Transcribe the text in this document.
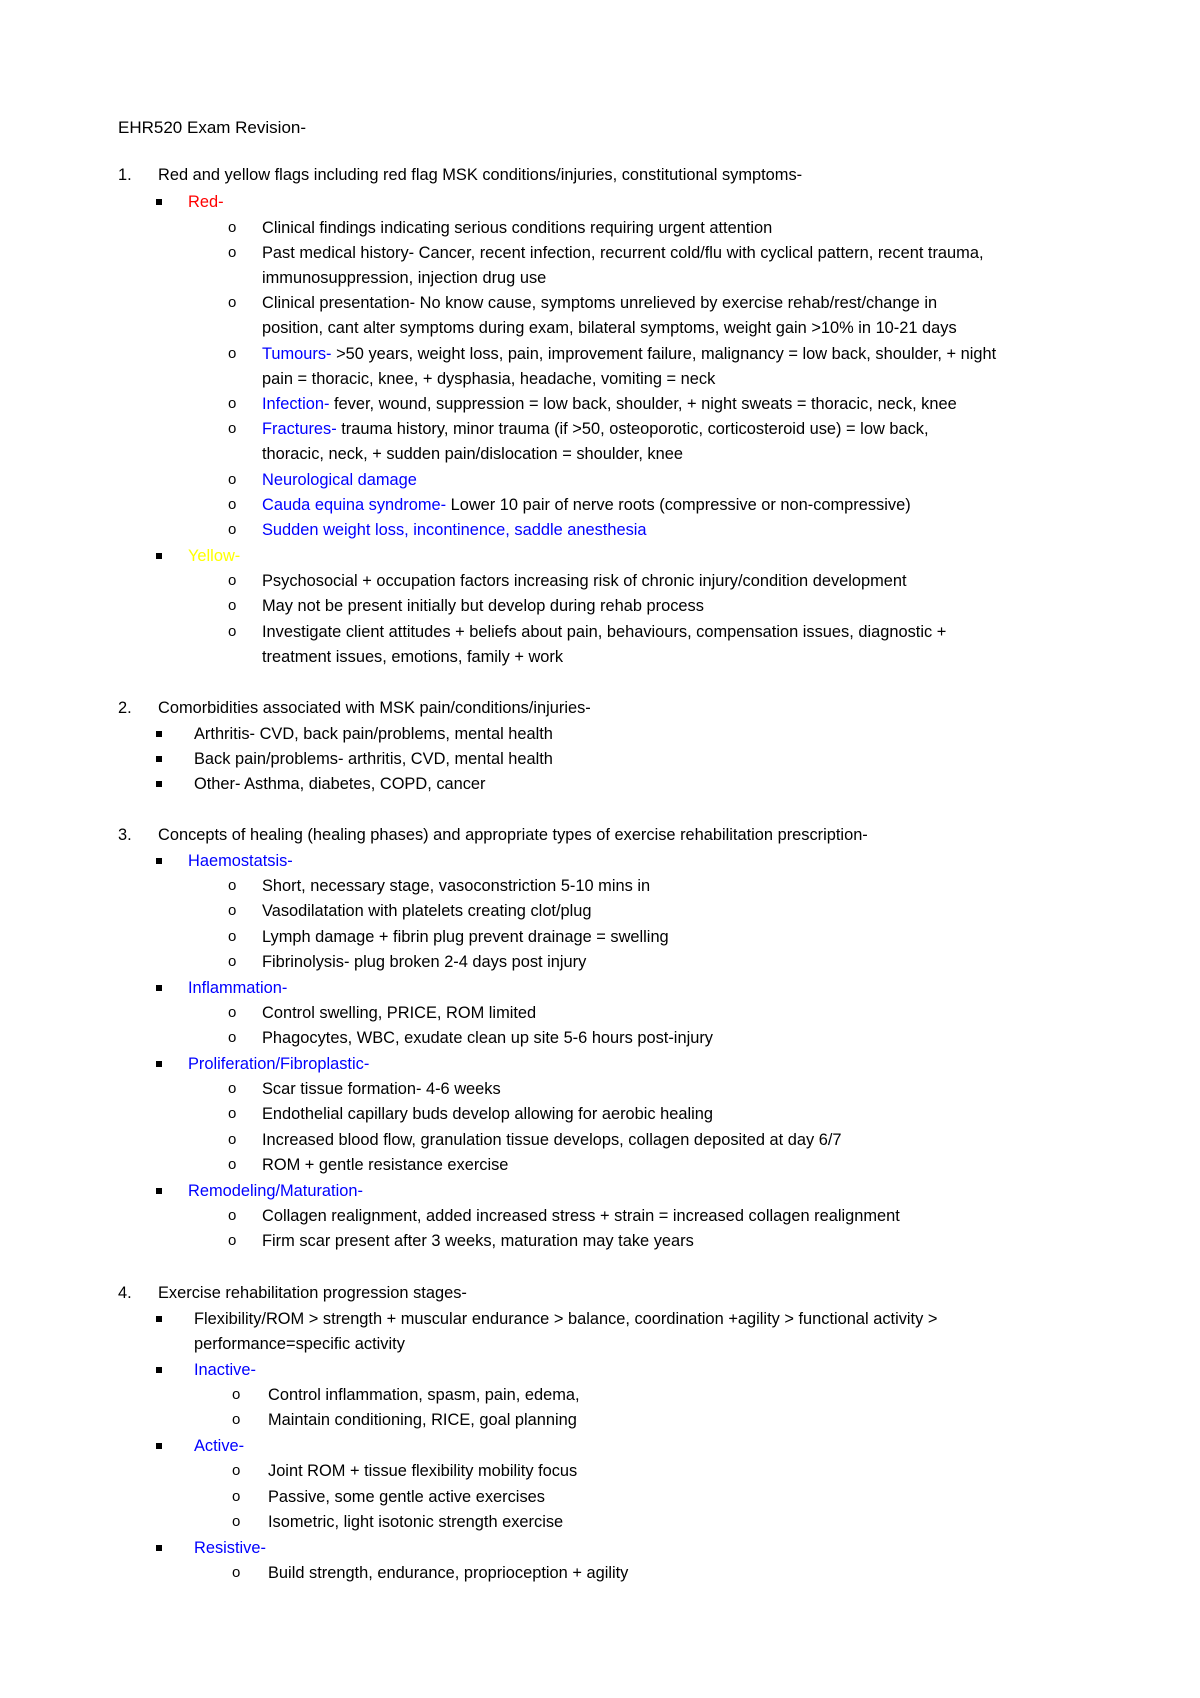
EHR520 Exam Revision-
1. Red and yellow flags including red flag MSK conditions/injuries, constitutional symptoms-
Red-
o Clinical findings indicating serious conditions requiring urgent attention
o Past medical history- Cancer, recent infection, recurrent cold/flu with cyclical pattern, recent trauma,
immunosuppression, injection drug use
o Clinical presentation- No know cause, symptoms unrelieved by exercise rehab/rest/change in
position, cant alter symptoms during exam, bilateral symptoms, weight gain >10% in 10-21 days
o Tumours- >50 years, weight loss, pain, improvement failure, malignancy = low back, shoulder, + night
pain = thoracic, knee, + dysphasia, headache, vomiting = neck
o Infection- fever, wound, suppression = low back, shoulder, + night sweats = thoracic, neck, knee
o Fractures- trauma history, minor trauma (if >50, osteoporotic, corticosteroid use) = low back,
thoracic, neck, + sudden pain/dislocation = shoulder, knee
o Neurological damage
o Cauda equina syndrome- Lower 10 pair of nerve roots (compressive or non-compressive)
o Sudden weight loss, incontinence, saddle anesthesia
Yellow-
o Psychosocial + occupation factors increasing risk of chronic injury/condition development
o May not be present initially but develop during rehab process
o Investigate client attitudes + beliefs about pain, behaviours, compensation issues, diagnostic +
treatment issues, emotions, family + work
2. Comorbidities associated with MSK pain/conditions/injuries-
Arthritis- CVD, back pain/problems, mental health
Back pain/problems- arthritis, CVD, mental health
Other- Asthma, diabetes, COPD, cancer
3. Concepts of healing (healing phases) and appropriate types of exercise rehabilitation prescription-
Haemostatsis-
o Short, necessary stage, vasoconstriction 5-10 mins in
o Vasodilatation with platelets creating clot/plug
o Lymph damage + fibrin plug prevent drainage = swelling
o Fibrinolysis- plug broken 2-4 days post injury
Inflammation-
o Control swelling, PRICE, ROM limited
o Phagocytes, WBC, exudate clean up site 5-6 hours post-injury
Proliferation/Fibroplastic-
o Scar tissue formation- 4-6 weeks
o Endothelial capillary buds develop allowing for aerobic healing
o Increased blood flow, granulation tissue develops, collagen deposited at day 6/7
o ROM + gentle resistance exercise
Remodeling/Maturation-
o Collagen realignment, added increased stress + strain = increased collagen realignment
o Firm scar present after 3 weeks, maturation may take years
4. Exercise rehabilitation progression stages-
Flexibility/ROM > strength + muscular endurance > balance, coordination +agility > functional activity >
performance=specific activity
Inactive-
o Control inflammation, spasm, pain, edema,
o Maintain conditioning, RICE, goal planning
Active-
o Joint ROM + tissue flexibility mobility focus
o Passive, some gentle active exercises
o Isometric, light isotonic strength exercise
Resistive-
o Build strength, endurance, proprioception + agility
